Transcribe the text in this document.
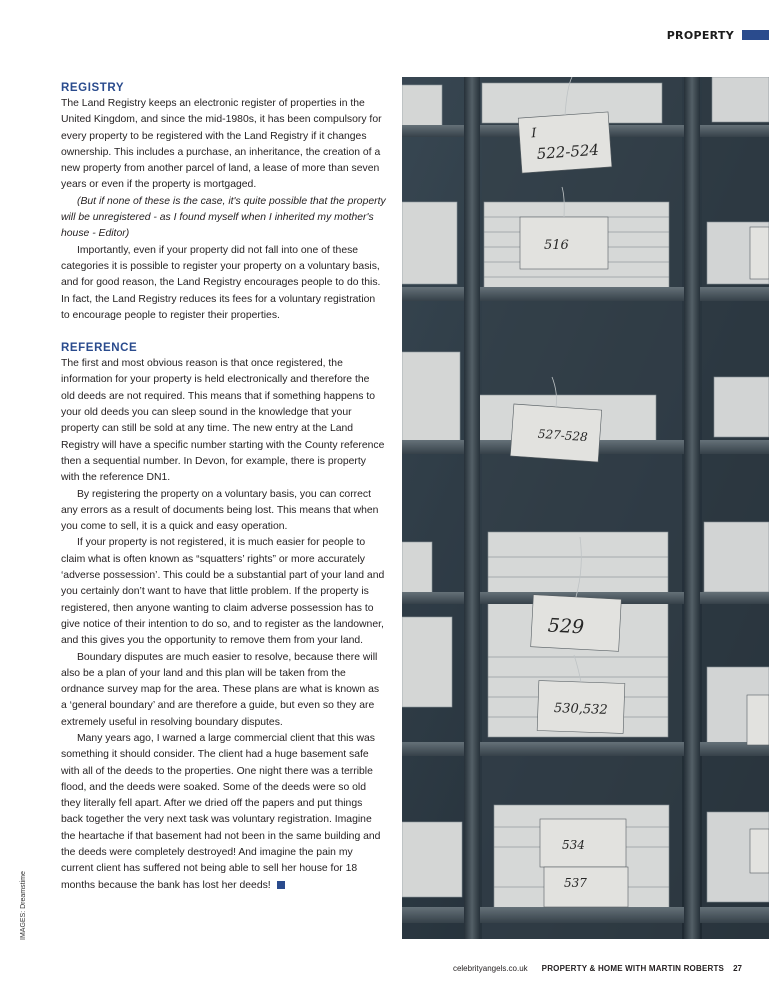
PROPERTY
REGISTRY

The Land Registry keeps an electronic register of properties in the United Kingdom, and since the mid-1980s, it has been compulsory for every property to be registered with the Land Registry if it changes ownership. This includes a purchase, an inheritance, the creation of a new property from another parcel of land, a lease of more than seven years or even if the property is mortgaged.

(But if none of these is the case, it's quite possible that the property will be unregistered - as I found myself when I inherited my mother's house - Editor)

Importantly, even if your property did not fall into one of these categories it is possible to register your property on a voluntary basis, and for good reason, the Land Registry encourages people to do this. In fact, the Land Registry reduces its fees for a voluntary registration to encourage people to register their properties.

REFERENCE

The first and most obvious reason is that once registered, the information for your property is held electronically and therefore the old deeds are not required. This means that if something happens to your old deeds you can sleep sound in the knowledge that your property can still be sold at any time. The new entry at the Land Registry will have a specific number starting with the County reference then a sequential number. In Devon, for example, there is property with the reference DN1.

By registering the property on a voluntary basis, you can correct any errors as a result of documents being lost. This means that when you come to sell, it is a quick and easy operation.

If your property is not registered, it is much easier for people to claim what is often known as “squatters’ rights” or more accurately ‘adverse possession’. This could be a substantial part of your land and you certainly don’t want to have that little problem. If the property is registered, then anyone wanting to claim adverse possession has to give notice of their intention to do so, and to register as the landowner, and this gives you the opportunity to remove them from your land.

Boundary disputes are much easier to resolve, because there will also be a plan of your land and this plan will be taken from the ordnance survey map for the area. These plans are what is known as a ‘general boundary’ and are therefore a guide, but even so they are extremely useful in resolving boundary disputes.

Many years ago, I warned a large commercial client that this was something it should consider. The client had a huge basement safe with all of the deeds to the properties. One night there was a terrible flood, and the deeds were soaked. Some of the deeds were so old they literally fell apart. After we dried off the papers and put things back together the very next task was voluntary registration. Imagine the heartache if that basement had not been in the same building and the deeds were completely destroyed! And imagine the pain my current client has suffered not being able to sell her house for 18 months because the bank has lost her deeds!

IMAGES: Dreamstime
I
522-524
516
527-528
529
530,532
534
537
celebrityangels.co.uk PROPERTY & HOME WITH MARTIN ROBERTS 27
